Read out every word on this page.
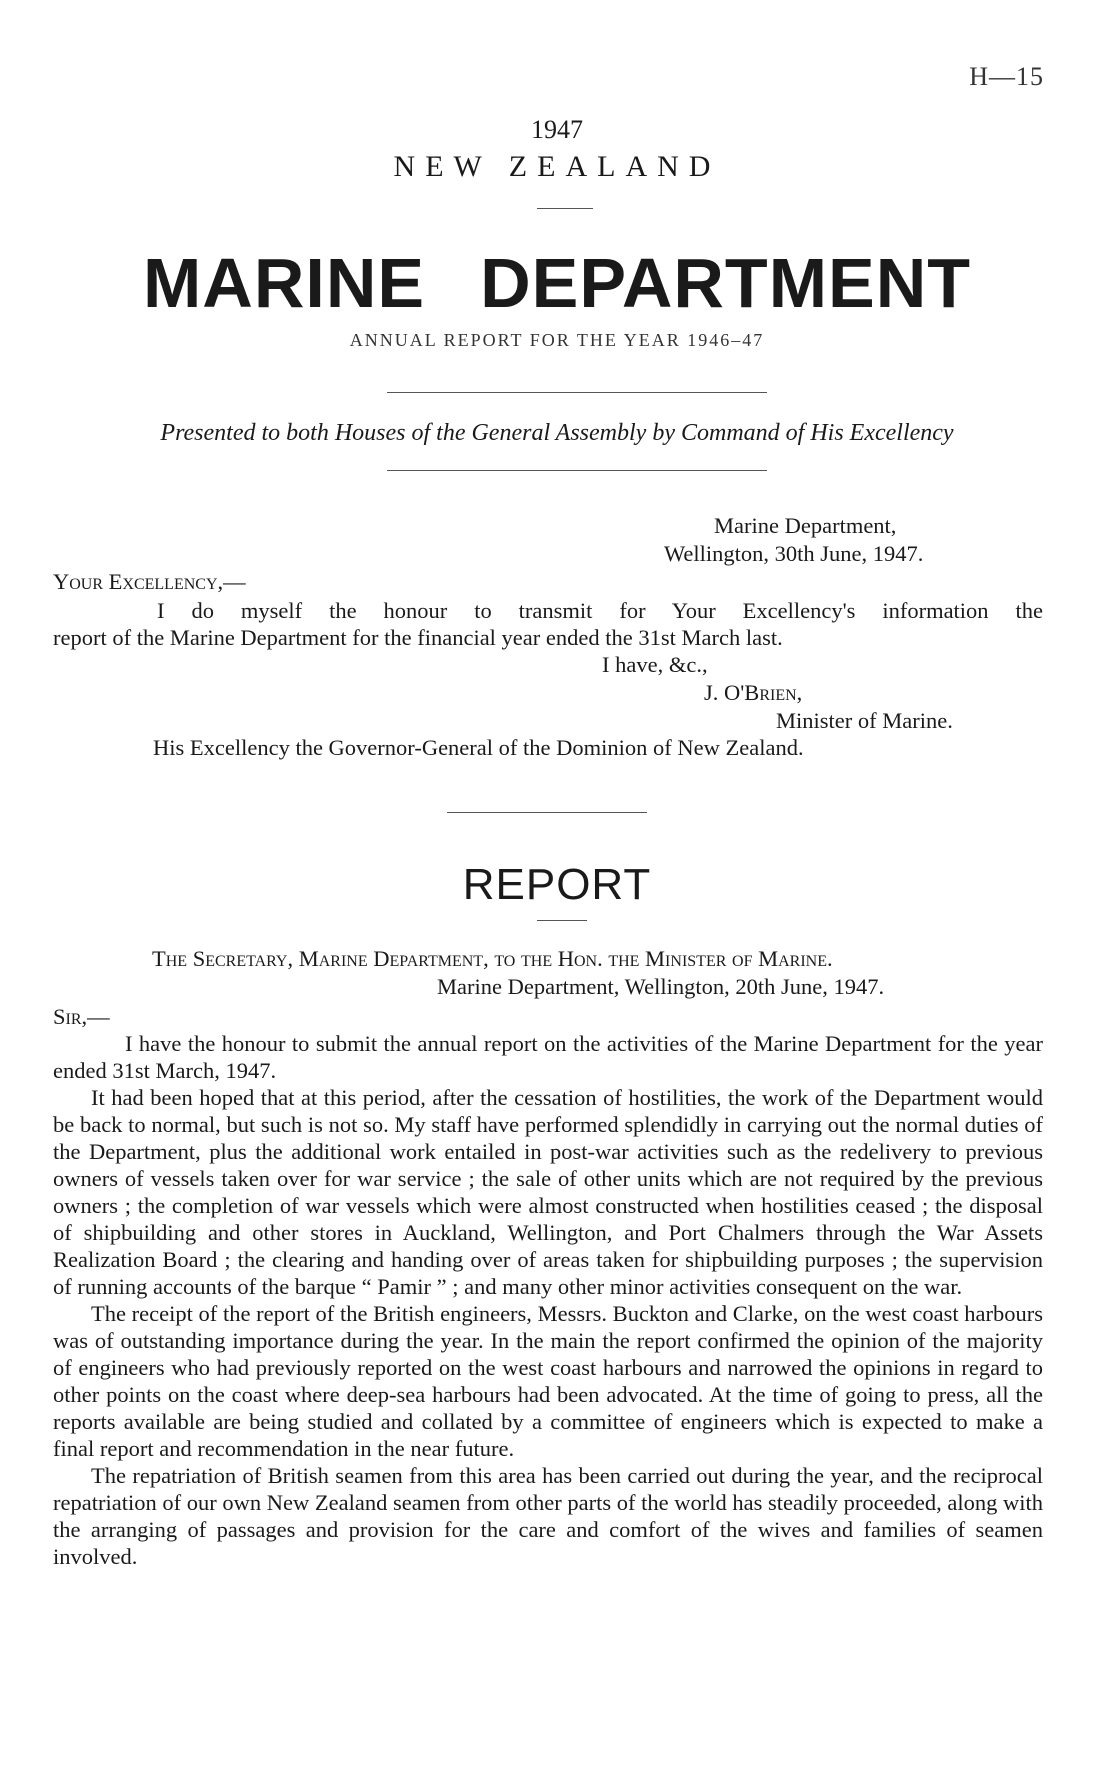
H—15
1947
NEW ZEALAND
MARINE DEPARTMENT
ANNUAL REPORT FOR THE YEAR 1946–47
Presented to both Houses of the General Assembly by Command of His Excellency
Marine Department,
Wellington, 30th June, 1947.
Your Excellency,—

I do myself the honour to transmit for Your Excellency's information the

report of the Marine Department for the financial year ended the 31st March last.

I have, &c.,
J. O'Brien,
Minister of Marine.
His Excellency the Governor-General of the Dominion of New Zealand.
REPORT
The Secretary, Marine Department, to the Hon. the Minister of Marine.
Marine Department, Wellington, 20th June, 1947.
Sir,—

I have the honour to submit the annual report on the activities of the Marine Department for the year ended 31st March, 1947.

It had been hoped that at this period, after the cessation of hostilities, the work of the Department would be back to normal, but such is not so. My staff have performed splendidly in carrying out the normal duties of the Department, plus the additional work entailed in post-war activities such as the redelivery to previous owners of vessels taken over for war service ; the sale of other units which are not required by the previous owners ; the completion of war vessels which were almost constructed when hostilities ceased ; the disposal of shipbuilding and other stores in Auckland, Wellington, and Port Chalmers through the War Assets Realization Board ; the clearing and handing over of areas taken for shipbuilding purposes ; the supervision of running accounts of the barque “ Pamir ” ; and many other minor activities consequent on the war.

The receipt of the report of the British engineers, Messrs. Buckton and Clarke, on the west coast harbours was of outstanding importance during the year. In the main the report confirmed the opinion of the majority of engineers who had previously reported on the west coast harbours and narrowed the opinions in regard to other points on the coast where deep-sea harbours had been advocated. At the time of going to press, all the reports available are being studied and collated by a committee of engineers which is expected to make a final report and recommendation in the near future.

The repatriation of British seamen from this area has been carried out during the year, and the reciprocal repatriation of our own New Zealand seamen from other parts of the world has steadily proceeded, along with the arranging of passages and provision for the care and comfort of the wives and families of seamen involved.
